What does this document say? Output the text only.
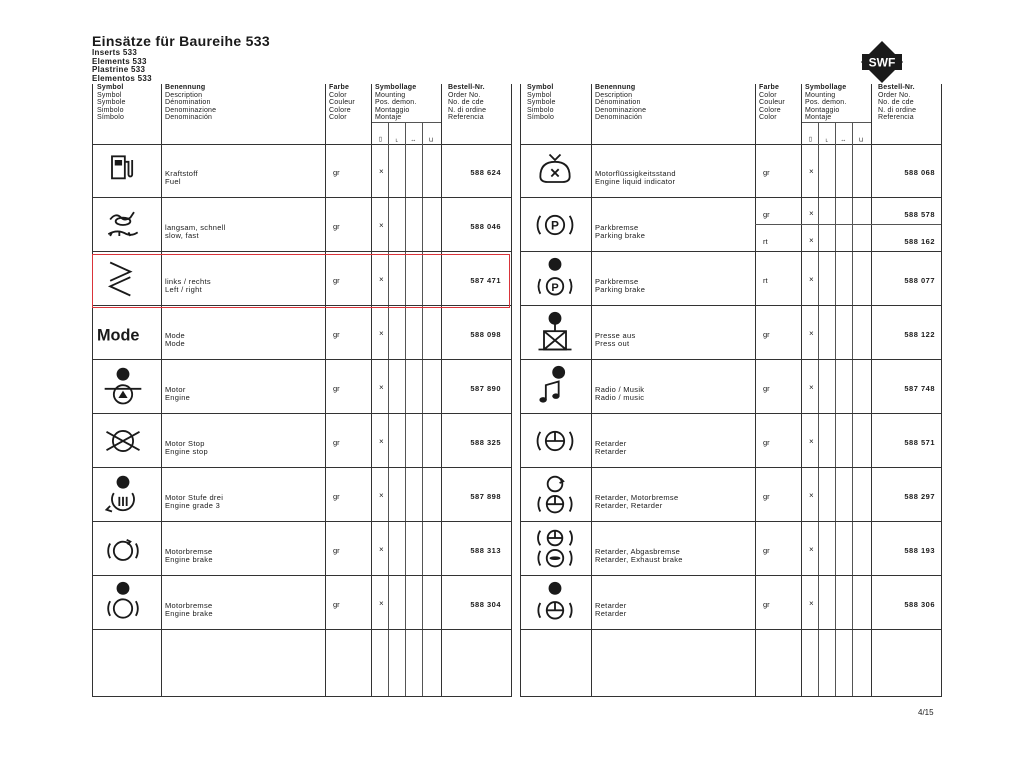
Einsätze für Baureihe 533
Inserts 533
Elements 533
Plastrine 533
Elementos 533
SWF
Symbol
Symbol
Symbole
Simbolo
Símbolo
Benennung
Description
Dénomination
Denominazione
Denominación
Farbe
Color
Couleur
Colore
Color
Symbollage
Mounting
Pos. demon.
Montaggio
Montaje
Bestell-Nr.
Order No.
No. de cde
N. di ordine
Referencia
▭ ⌐ ↕ ⊏
Kraftstoff
Fuel
gr	×	588 624
langsam, schnell
slow, fast
gr	×	588 046
links / rechts
Left / right
gr	×	587 471
Mode	Mode
Mode
gr	×	588 098
Motor
Engine
gr	×	587 890
Motor Stop
Engine stop
gr	×	588 325
Motor Stufe drei
Engine grade 3
gr	×	587 898
Motorbremse
Engine brake
gr	×	588 313
Motorbremse
Engine brake
gr	×	588 304
Symbol
Symbol
Symbole
Simbolo
Símbolo
Benennung
Description
Dénomination
Denominazione
Denominación
Farbe
Color
Couleur
Colore
Color
Symbollage
Mounting
Pos. demon.
Montaggio
Montaje
Bestell-Nr.
Order No.
No. de cde
N. di ordine
Referencia
▭ ⌐ ↕ ⊏
Motorflüssigkeitsstand
Engine liquid indicator
gr	×	588 068
P	Parkbremse
Parking brake
gr	×	588 578
rt	×	588 162
P
Parkbremse
Parking brake
rt	×	588 077
Presse aus
Press out
gr	×	588 122
Radio / Musik
Radio / music
gr	×	587 748
Retarder
Retarder
gr	×	588 571
Retarder, Motorbremse
Retarder, Retarder
gr	×	588 297
Retarder, Abgasbremse
Retarder, Exhaust brake
gr	×	588 193
Retarder
Retarder
gr	×	588 306
4/15
